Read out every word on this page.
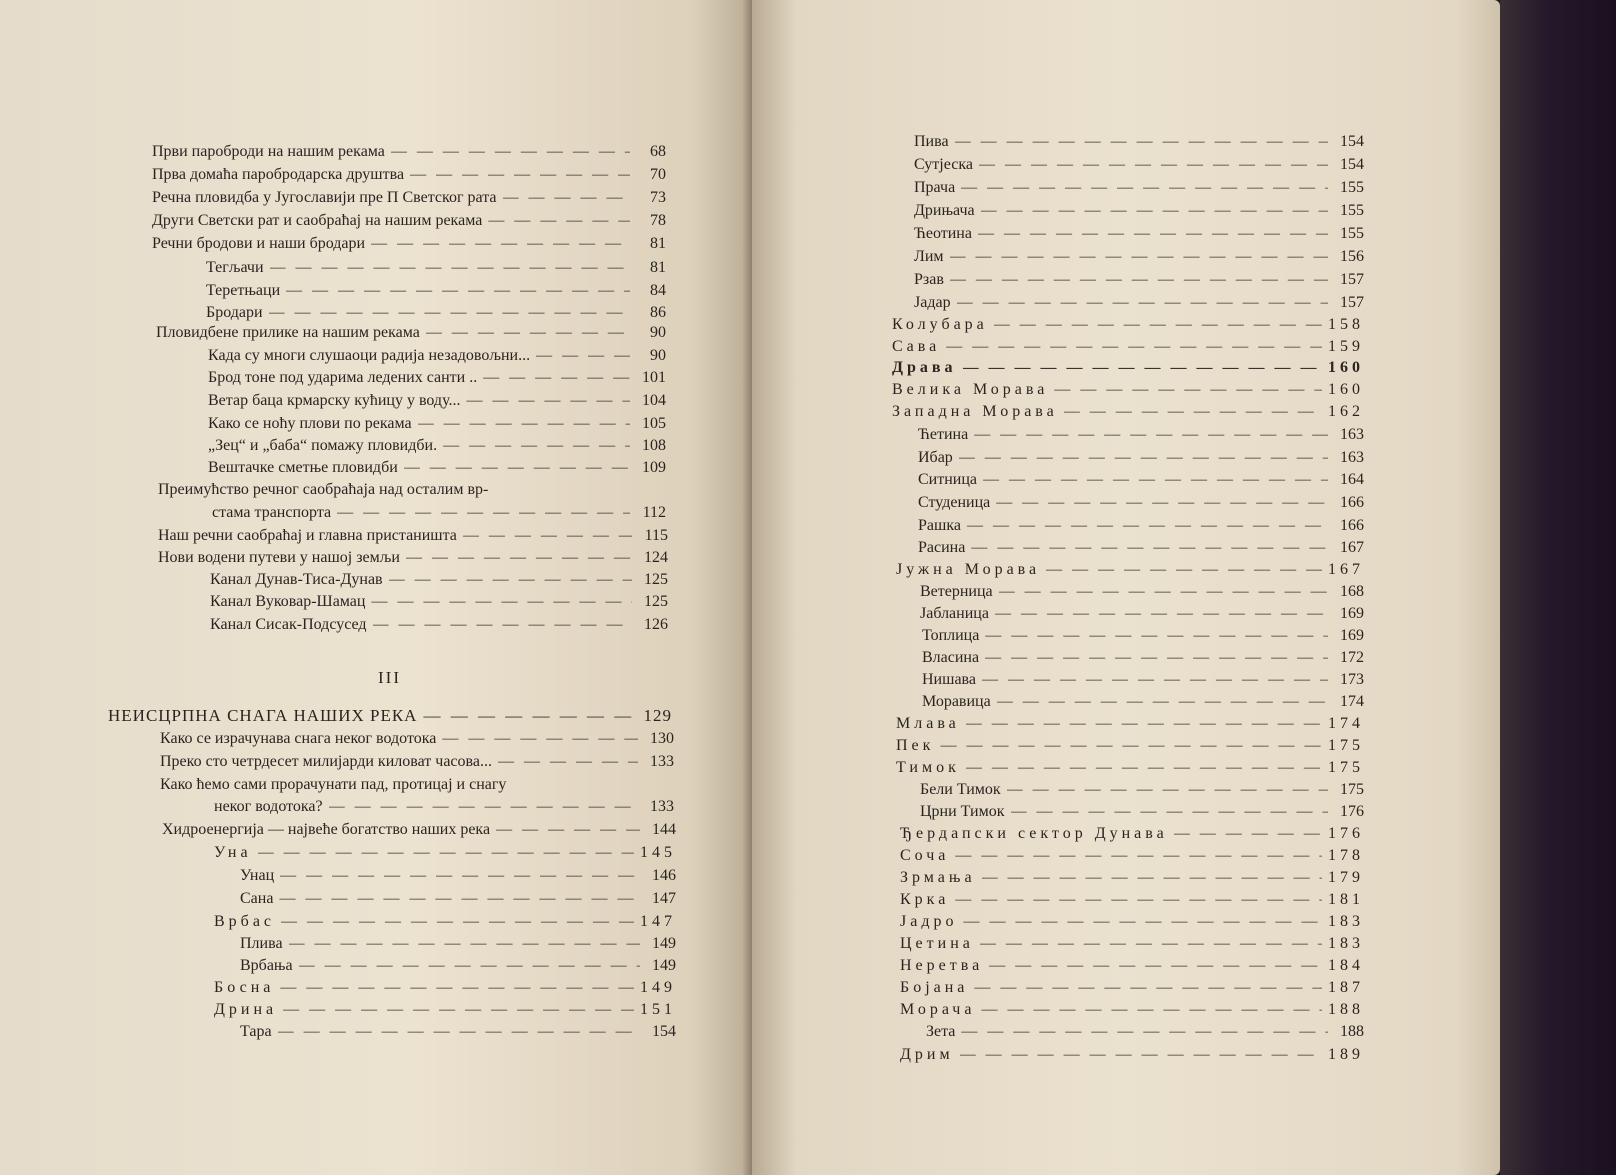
Први пароброди на нашим рекама — — —	68
Прва домаћа паробродарска друштва — — —	70
Речна пловидба у Југославији пре П Светског рата — — —	73
Други Светски рат и саобраћај на нашим рекама — — —	78
Речни бродови и наши бродари — — —	81
Тегљачи — — —	81
Теретњаци — — —	84
Бродари — — —	86
Пловидбене прилике на нашим рекама — — —	90
Када су многи слушаоци радија незадовољни... — — —	90
Брод тоне под ударима ледених санти .. — — —	101
Ветар баца крмарску кућицу у воду... — — —	104
Како се ноћу плови по рекама — — —	105
„Зец“ и „баба“ помажу пловидби. — — —	108
Вештачке сметње пловидби — — —	109
Преимућство речног саобраћаја над осталим вр-
стама транспорта — — —	112
Наш речни саобраћај и главна пристаништа — — —	115
Нови водени путеви у нашој земљи — — —	124
Канал Дунав-Тиса-Дунав — — —	125
Канал Вуковар-Шамац — — —	125
Канал Сисак-Подсусед — — —	126
III
НЕИСЦРПНА СНАГА НАШИХ РЕКА — — —	129
Како се израчунава снага неког водотока — — —	130
Преко сто четрдесет милијарди киловат часова... — — —	133
Како ћемо сами прорачунати пад, протицај и снагу
неког водотока? — — —	133
Хидроенергија — највеће богатство наших река — — —	144
Уна — — —	145
Унац — — —	146
Сана — — —	147
Врбас — — —	147
Плива — — —	149
Врбања — — —	149
Босна — — —	149
Дрина — — —	151
Тара — — —	154
Пива — — —	154
Сутјеска — — —	154
Прача — — —	155
Дрињача — — —	155
Ћеотина — — —	155
Лим — — —	156
Рзав — — —	157
Јадар — — —	157
Колубара — — —	158
Сава — — —	159
Драва — — —	160
Велика Морава — — —	160
Западна Морава — — —	162
Ћетина — — —	163
Ибар — — —	163
Ситница — — —	164
Студеница — — —	166
Рашка — — —	166
Расина — — —	167
Јужна Морава — — —	167
Ветерница — — —	168
Јабланица — — —	169
Топлица — — —	169
Власина — — —	172
Нишава — — —	173
Моравица — — —	174
Млава — — —	174
Пек — — —	175
Тимок — — —	175
Бели Тимок — — —	175
Црни Тимок — — —	176
Ђердапски сектор Дунава — — —	176
Соча — — —	178
Зрмања — — —	179
Крка — — —	181
Јадро — — —	183
Цетина — — —	183
Неретва — — —	184
Бојана — — —	187
Морача — — —	188
Зета — — —	188
Дрим — — —	189
